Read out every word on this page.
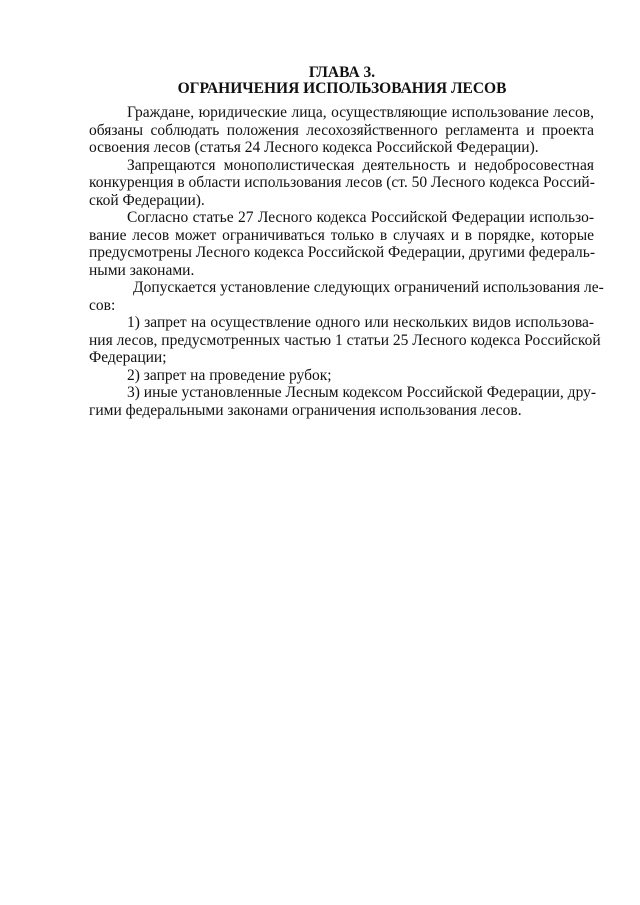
ГЛАВА 3.
ОГРАНИЧЕНИЯ ИСПОЛЬЗОВАНИЯ ЛЕСОВ

Граждане, юридические лица, осуществляющие использование лесов,
обязаны соблюдать положения лесохозяйственного регламента и проекта
освоения лесов (статья 24 Лесного кодекса Российской Федерации).

Запрещаются монополистическая деятельность и недобросовестная
конкуренция в области использования лесов (ст. 50 Лесного кодекса Россий-
ской Федерации).

Согласно статье 27 Лесного кодекса Российской Федерации использо-
вание лесов может ограничиваться только в случаях и в порядке, которые
предусмотрены Лесного кодекса Российской Федерации, другими федераль-
ными законами.

Допускается установление следующих ограничений использования ле-
сов:

1) запрет на осуществление одного или нескольких видов использова-
ния лесов, предусмотренных частью 1 статьи 25 Лесного кодекса Российской
Федерации;

2) запрет на проведение рубок;

3) иные установленные Лесным кодексом Российской Федерации, дру-
гими федеральными законами ограничения использования лесов.
